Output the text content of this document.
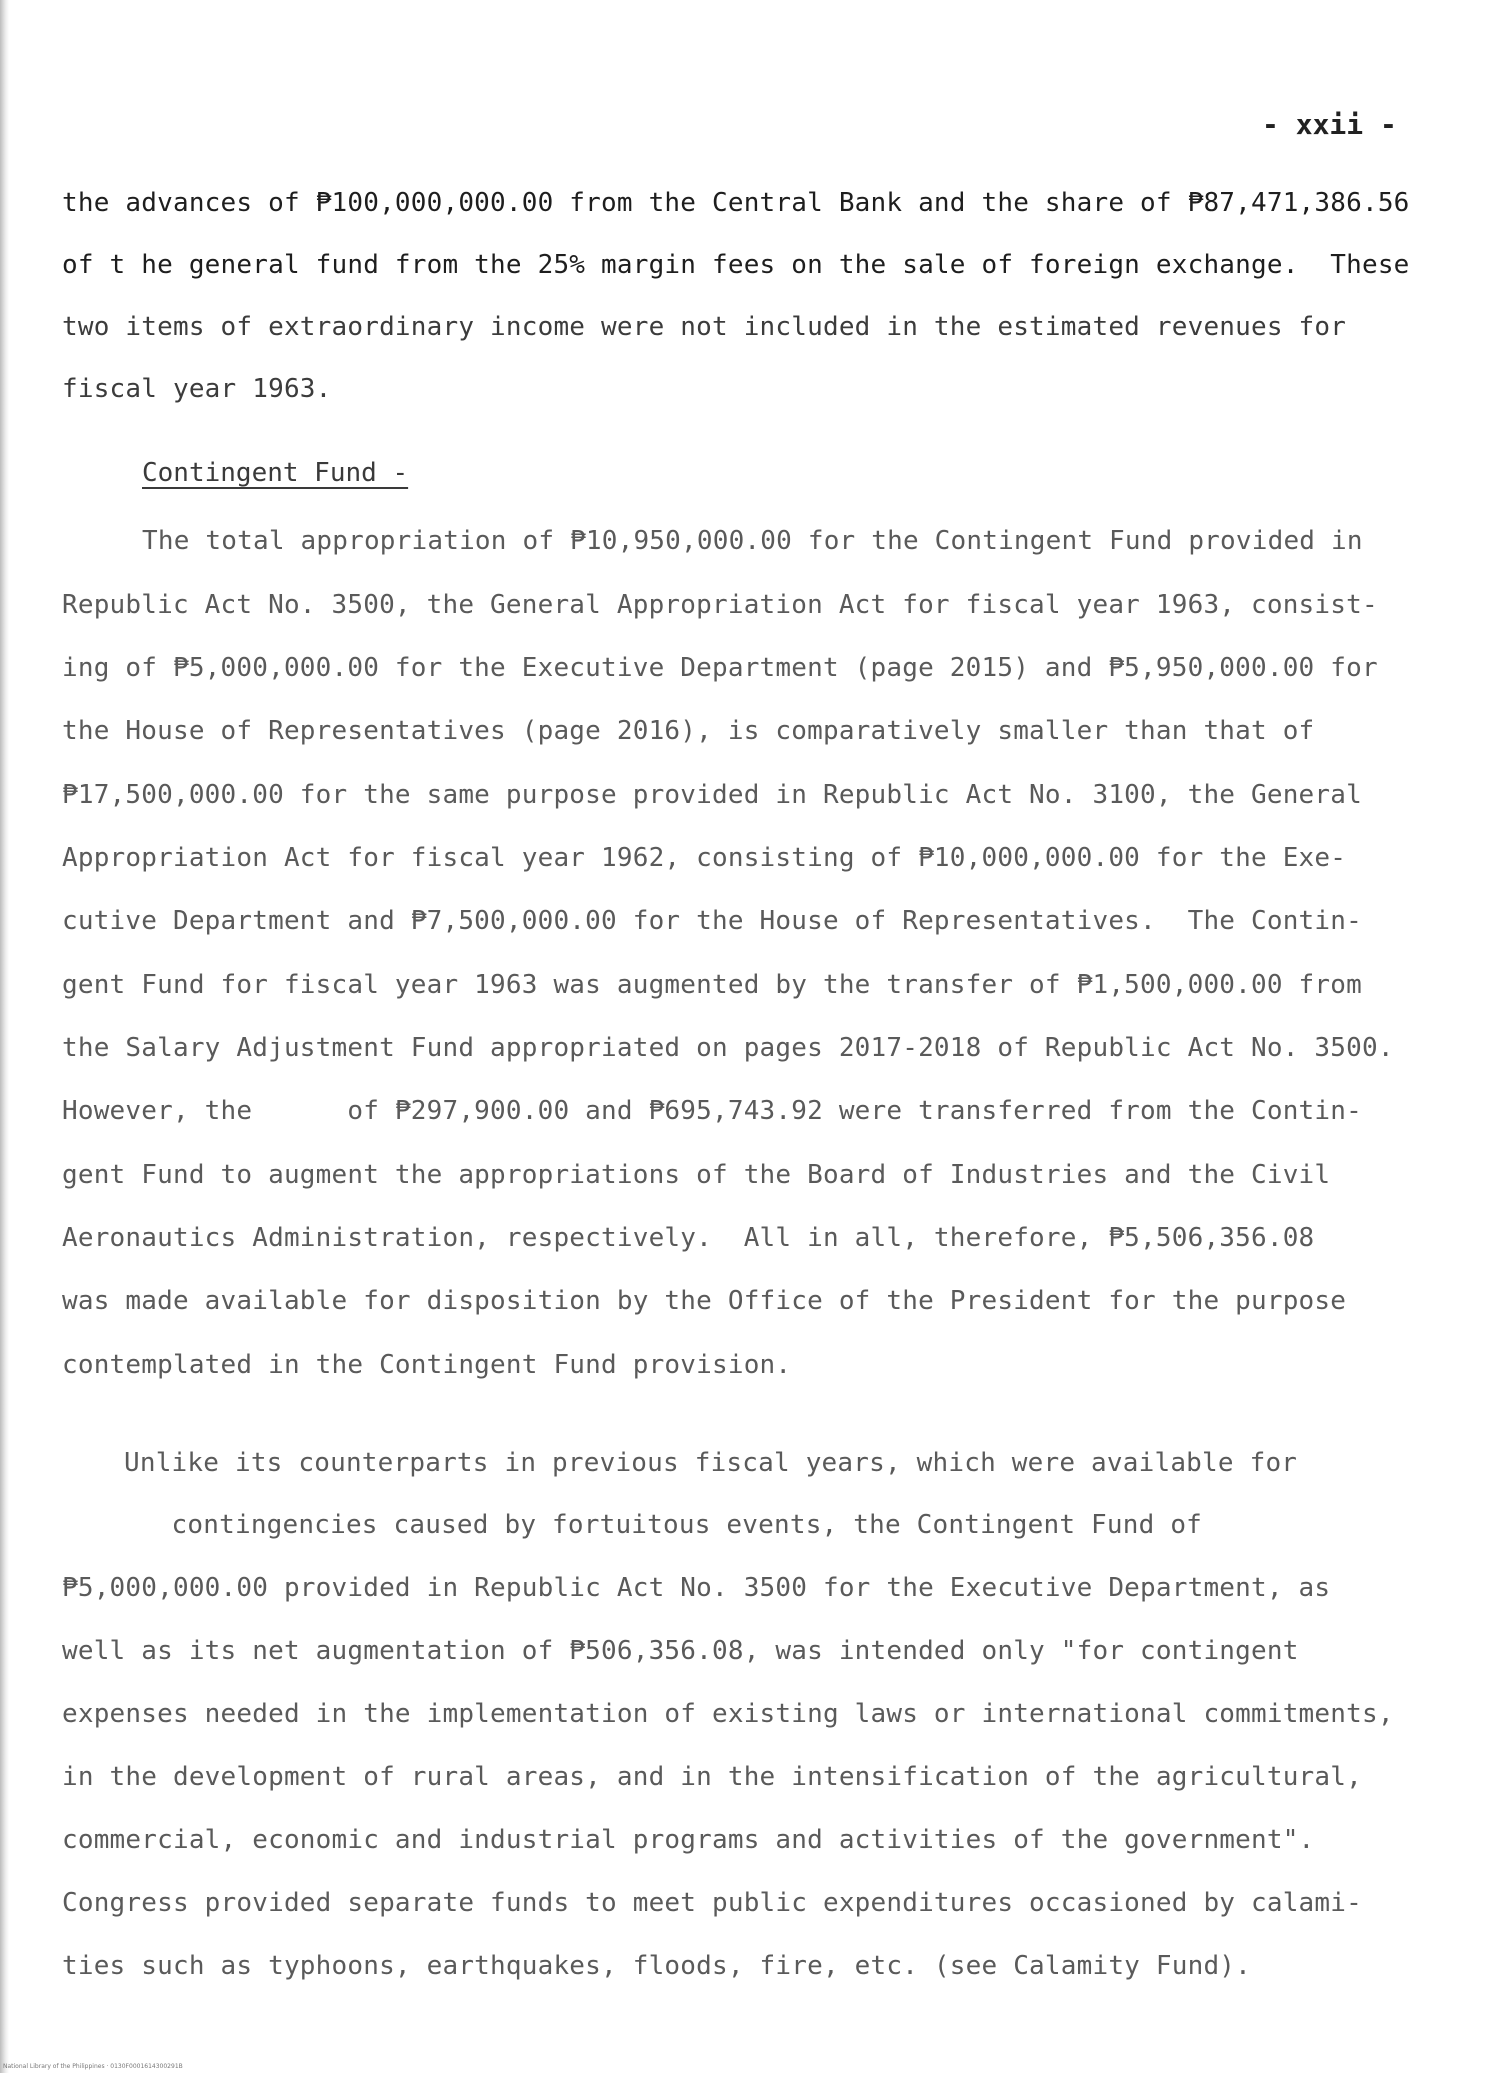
- xxii -
the advances of ₱100,000,000.00 from the Central Bank and the share of ₱87,471,386.56
of t he general fund from the 25% margin fees on the sale of foreign exchange.  These
two items of extraordinary income were not included in the estimated revenues for
fiscal year 1963.
Contingent Fund -
The total appropriation of ₱10,950,000.00 for the Contingent Fund provided in
Republic Act No. 3500, the General Appropriation Act for fiscal year 1963, consist-
ing of ₱5,000,000.00 for the Executive Department (page 2015) and ₱5,950,000.00 for
the House of Representatives (page 2016), is comparatively smaller than that of
₱17,500,000.00 for the same purpose provided in Republic Act No. 3100, the General
Appropriation Act for fiscal year 1962, consisting of ₱10,000,000.00 for the Exe-
cutive Department and ₱7,500,000.00 for the House of Representatives.  The Contin-
gent Fund for fiscal year 1963 was augmented by the transfer of ₱1,500,000.00 from
the Salary Adjustment Fund appropriated on pages 2017-2018 of Republic Act No. 3500.
However, the      of ₱297,900.00 and ₱695,743.92 were transferred from the Contin-
gent Fund to augment the appropriations of the Board of Industries and the Civil
Aeronautics Administration, respectively.  All in all, therefore, ₱5,506,356.08
was made available for disposition by the Office of the President for the purpose
contemplated in the Contingent Fund provision.
Unlike its counterparts in previous fiscal years, which were available for
contingencies caused by fortuitous events, the Contingent Fund of
₱5,000,000.00 provided in Republic Act No. 3500 for the Executive Department, as
well as its net augmentation of ₱506,356.08, was intended only "for contingent
expenses needed in the implementation of existing laws or international commitments,
in the development of rural areas, and in the intensification of the agricultural,
commercial, economic and industrial programs and activities of the government".
Congress provided separate funds to meet public expenditures occasioned by calami-
ties such as typhoons, earthquakes, floods, fire, etc. (see Calamity Fund).
National Library of the Philippines · 0130F0001614300291B
